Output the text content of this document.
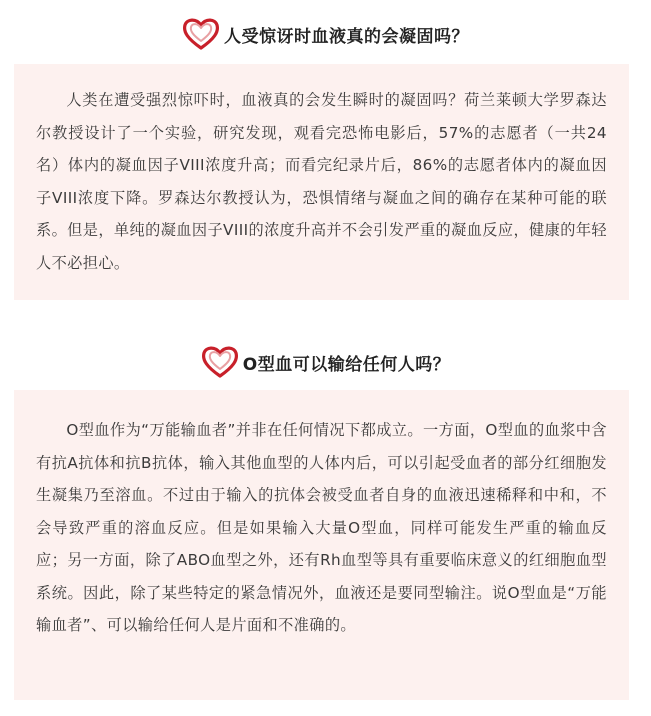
人受惊讶时血液真的会凝固吗？

人类在遭受强烈惊吓时，血液真的会发生瞬时的凝固吗？荷兰莱顿大学罗森达尔教授设计了一个实验，研究发现，观看完恐怖电影后，57%的志愿者（一共24名）体内的凝血因子VIII浓度升高；而看完纪录片后，86%的志愿者体内的凝血因子VIII浓度下降。罗森达尔教授认为，恐惧情绪与凝血之间的确存在某种可能的联系。但是，单纯的凝血因子VIII的浓度升高并不会引发严重的凝血反应，健康的年轻人不必担心。

O型血可以输给任何人吗？

O型血作为“万能输血者”并非在任何情况下都成立。一方面，O型血的血浆中含有抗A抗体和抗B抗体，输入其他血型的人体内后，可以引起受血者的部分红细胞发生凝集乃至溶血。不过由于输入的抗体会被受血者自身的血液迅速稀释和中和，不会导致严重的溶血反应。但是如果输入大量O型血，同样可能发生严重的输血反应；另一方面，除了ABO血型之外，还有Rh血型等具有重要临床意义的红细胞血型系统。因此，除了某些特定的紧急情况外，血液还是要同型输注。说O型血是“万能输血者”、可以输给任何人是片面和不准确的。
